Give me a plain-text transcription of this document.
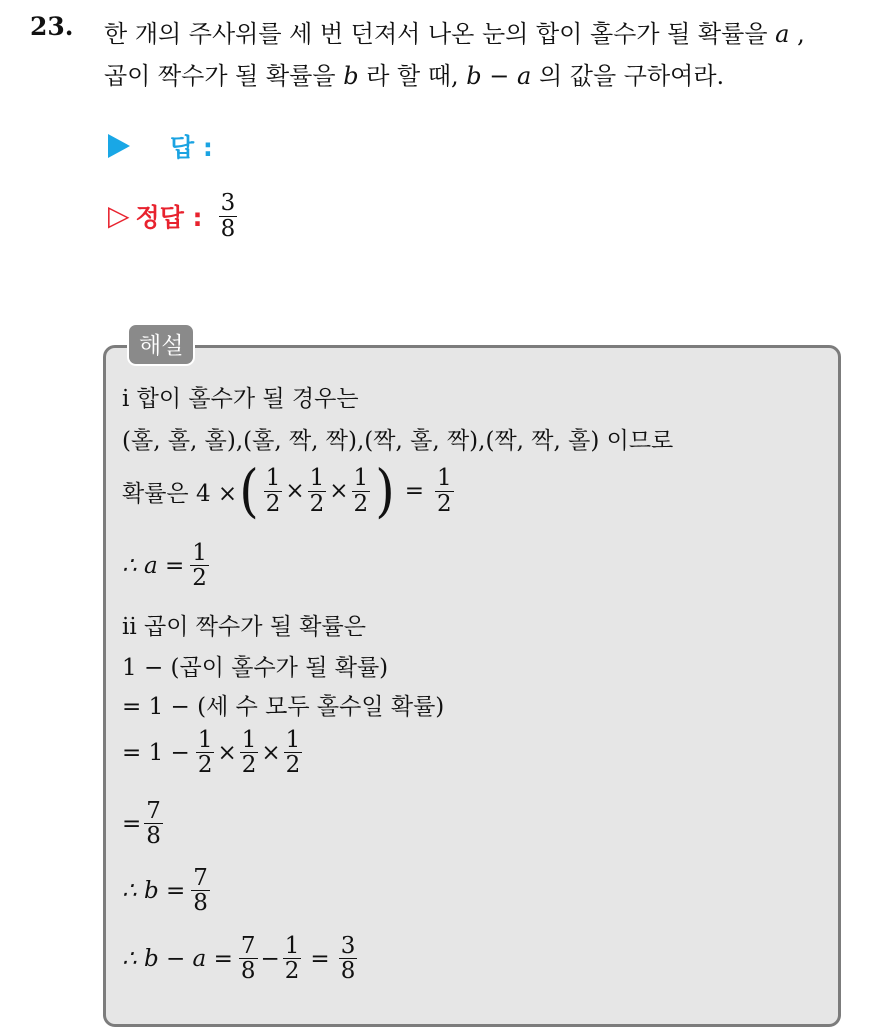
23. 한 개의 주사위를 세 번 던져서 나온 눈의 합이 홀수가 될 확률을 a ,
곱이 짝수가 될 확률을 b 라 할 때, b − a 의 값을 구하여라.
답 :
▷ 정답 : $\frac{3}{8}$
해설
ⅰ 합이 홀수가 될 경우는
(홀, 홀, 홀),(홀, 짝, 짝),(짝, 홀, 짝),(짝, 짝, 홀) 이므로
확률은 4 × ( $\frac{1}{2} \times \frac{1}{2} \times \frac{1}{2}$ ) = $\frac{1}{2}$
∴ $a = \frac{1}{2}$
ⅱ 곱이 짝수가 될 확률은
1 − (곱이 홀수가 될 확률)
= 1 − (세 수 모두 홀수일 확률)
= $1 - \frac{1}{2} \times \frac{1}{2} \times \frac{1}{2}$
= $\frac{7}{8}$
∴ $b = \frac{7}{8}$
∴ $b - a = \frac{7}{8} - \frac{1}{2} = \frac{3}{8}$
